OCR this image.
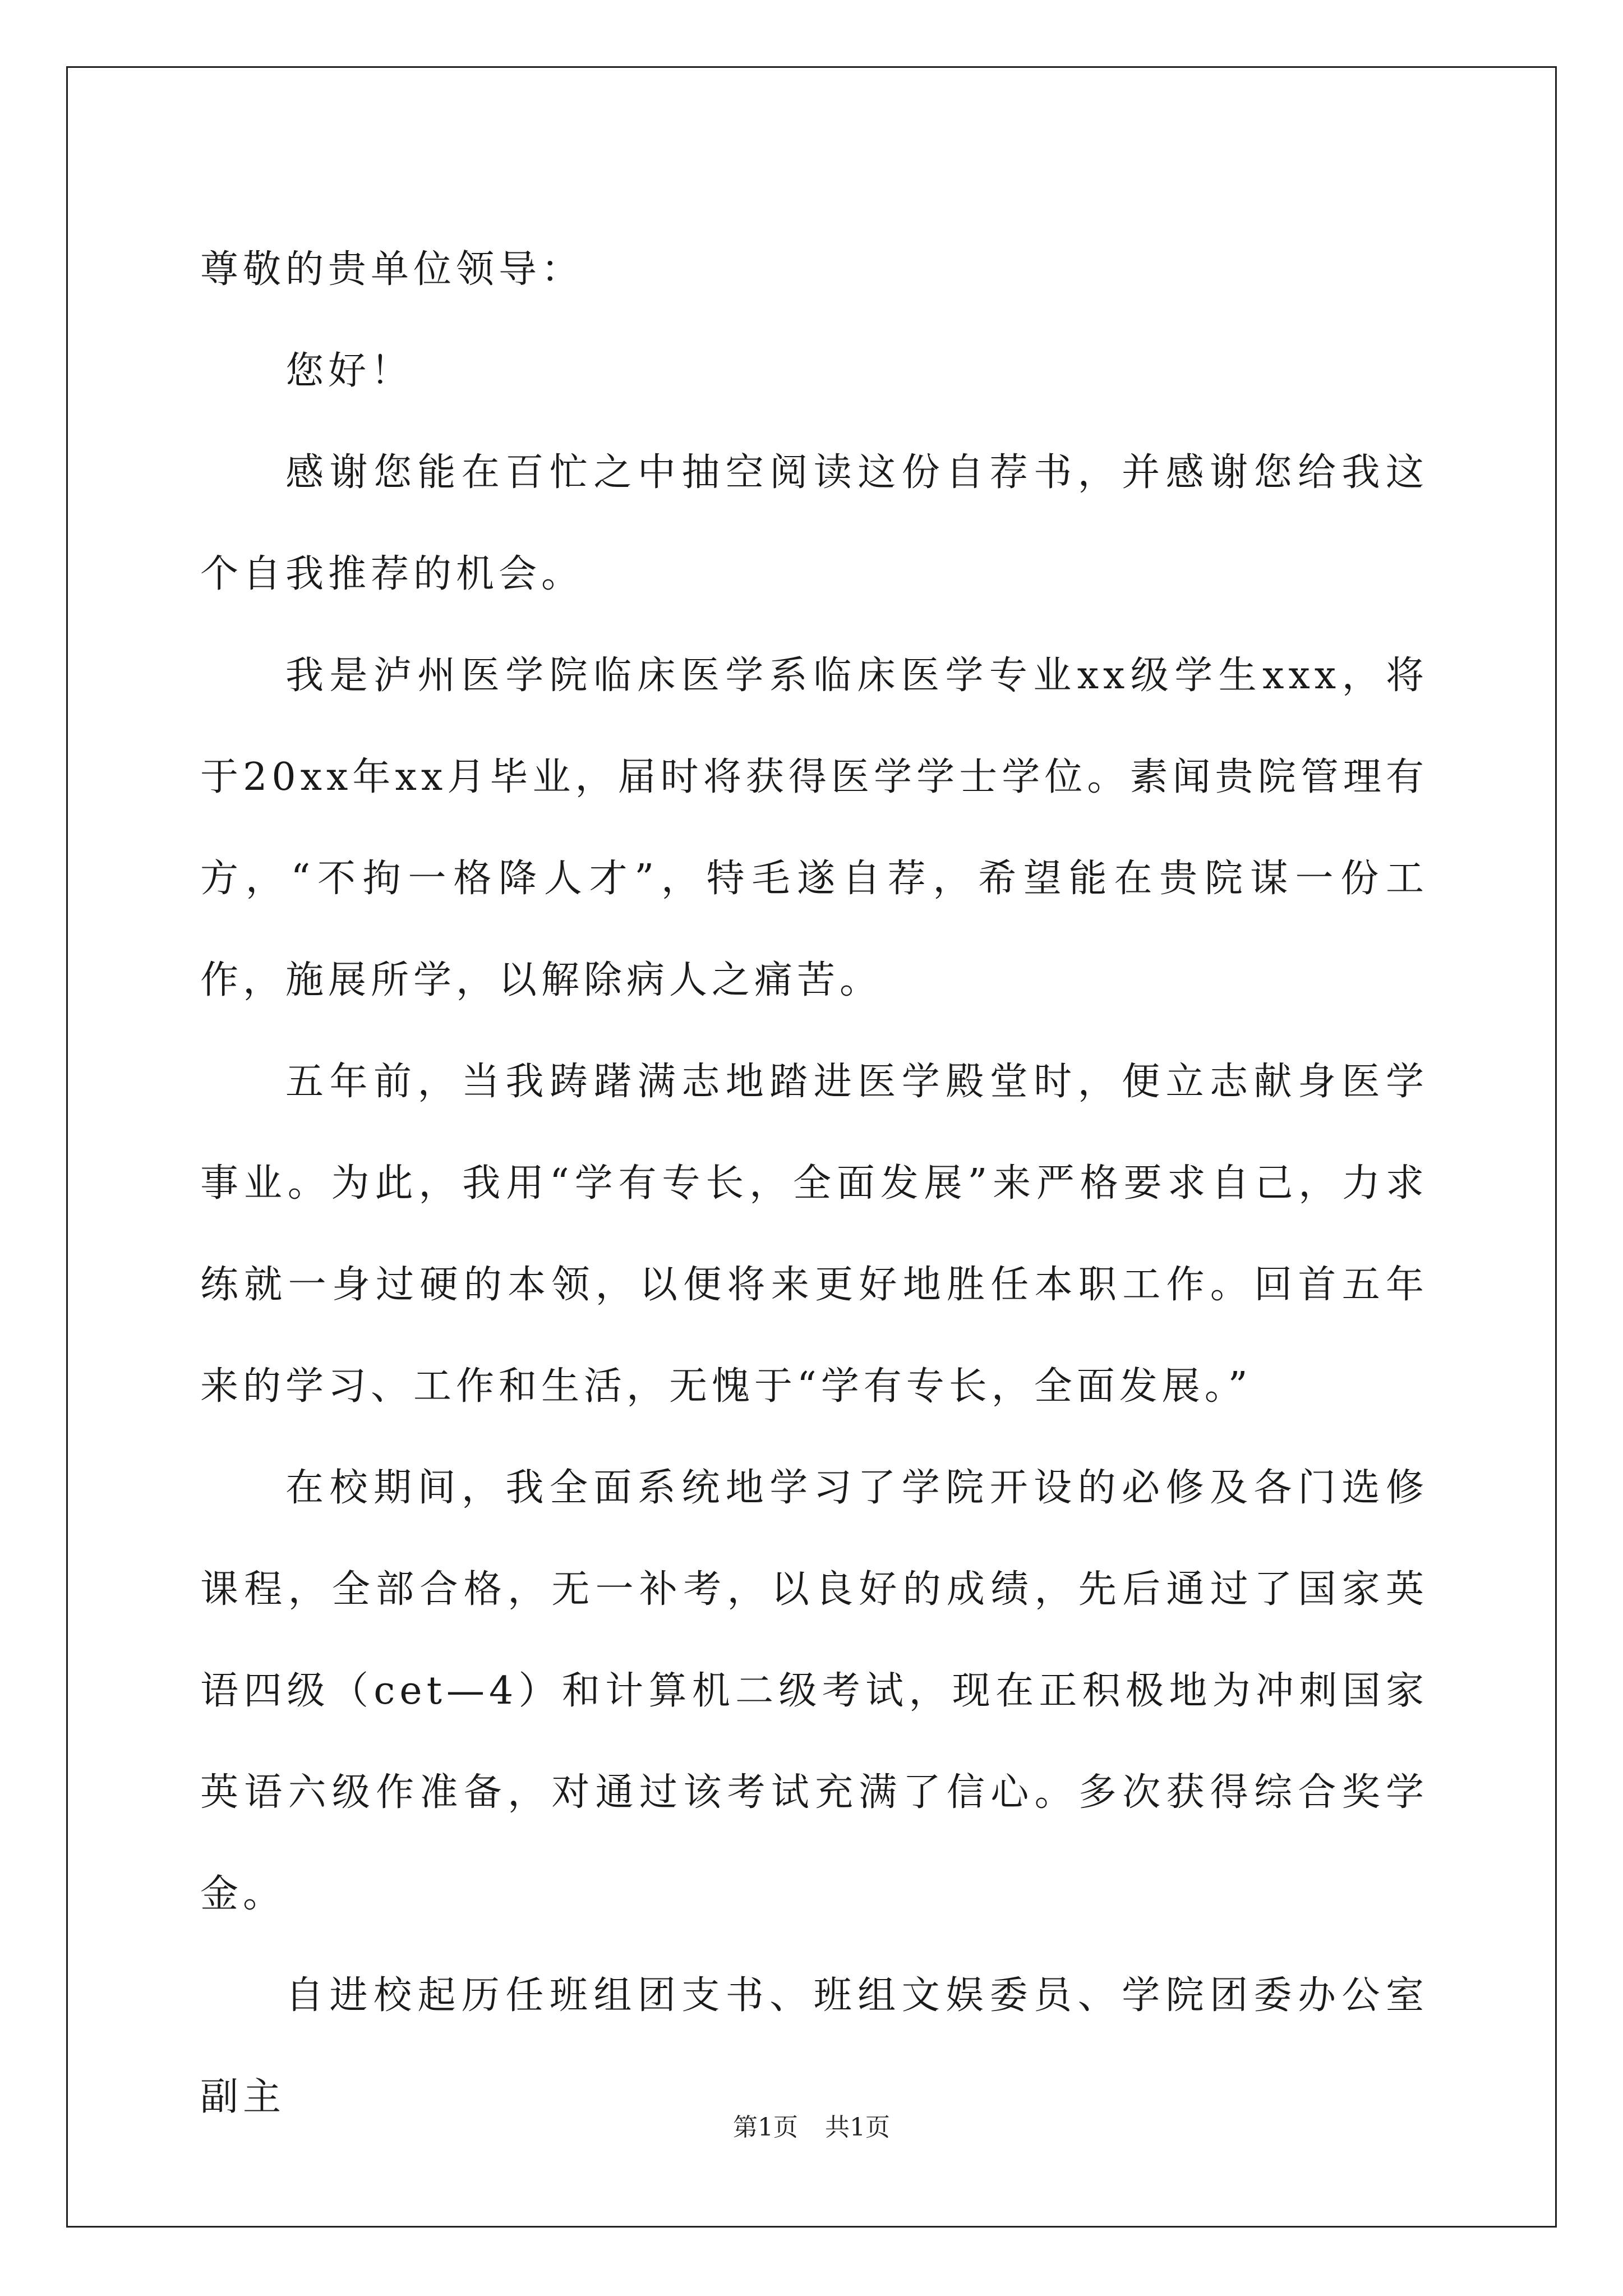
尊敬的贵单位领导：

您好！

感谢您能在百忙之中抽空阅读这份自荐书，并感谢您给我这个自我推荐的机会。

我是泸州医学院临床医学系临床医学专业xx级学生xxx，将于20xx年xx月毕业，届时将获得医学学士学位。素闻贵院管理有方，“不拘一格降人才”，特毛遂自荐，希望能在贵院谋一份工作，施展所学，以解除病人之痛苦。

五年前，当我踌躇满志地踏进医学殿堂时，便立志献身医学事业。为此，我用“学有专长，全面发展”来严格要求自己，力求练就一身过硬的本领，以便将来更好地胜任本职工作。回首五年来的学习、工作和生活，无愧于“学有专长，全面发展。”

在校期间，我全面系统地学习了学院开设的必修及各门选修课程，全部合格，无一补考，以良好的成绩，先后通过了国家英语四级（cet—4）和计算机二级考试，现在正积极地为冲刺国家英语六级作准备，对通过该考试充满了信心。多次获得综合奖学金。

自进校起历任班组团支书、班组文娱委员、学院团委办公室副主

第1页 共1页
